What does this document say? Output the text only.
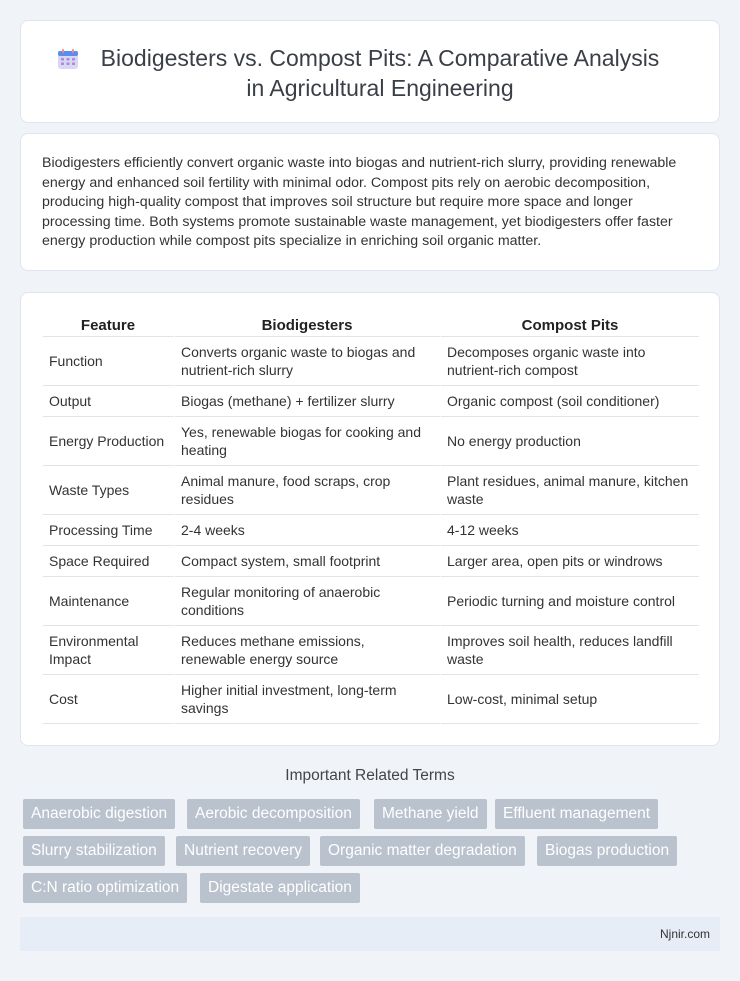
Biodigesters vs. Compost Pits: A Comparative Analysis
in Agricultural Engineering

Biodigesters efficiently convert organic waste into biogas and nutrient-rich slurry, providing renewable energy and enhanced soil fertility with minimal odor. Compost pits rely on aerobic decomposition, producing high-quality compost that improves soil structure but require more space and longer processing time. Both systems promote sustainable waste management, yet biodigesters offer faster energy production while compost pits specialize in enriching soil organic matter.

Feature	Biodigesters	Compost Pits
Function	Converts organic waste to biogas and nutrient-rich slurry	Decomposes organic waste into nutrient-rich compost
Output	Biogas (methane) + fertilizer slurry	Organic compost (soil conditioner)
Energy Production	Yes, renewable biogas for cooking and heating	No energy production
Waste Types	Animal manure, food scraps, crop residues	Plant residues, animal manure, kitchen waste
Processing Time	2-4 weeks	4-12 weeks
Space Required	Compact system, small footprint	Larger area, open pits or windrows
Maintenance	Regular monitoring of anaerobic conditions	Periodic turning and moisture control
Environmental Impact	Reduces methane emissions, renewable energy source	Improves soil health, reduces landfill waste
Cost	Higher initial investment, long-term savings	Low-cost, minimal setup
Important Related Terms
Anaerobic digestion	Aerobic decomposition	Methane yield	Effluent management
Slurry stabilization	Nutrient recovery	Organic matter degradation	Biogas production
C:N ratio optimization	Digestate application
Njnir.com
